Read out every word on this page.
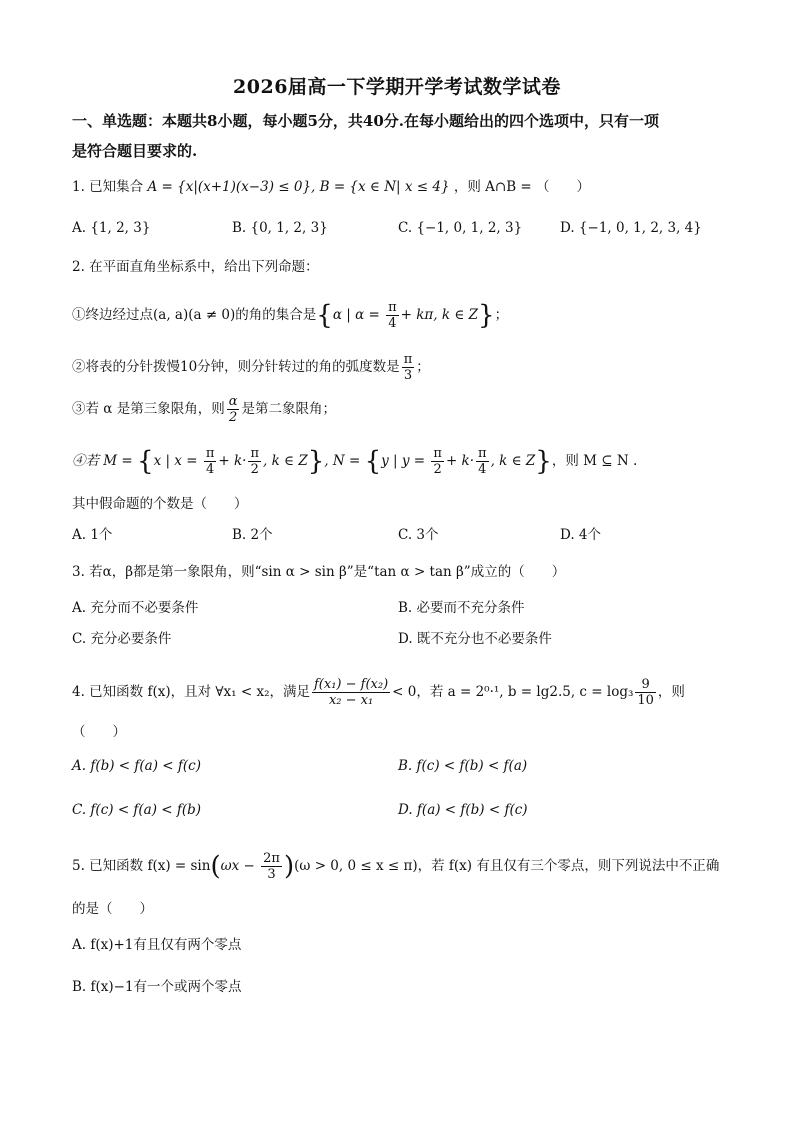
2026届高一下学期开学考试数学试卷
一、单选题：本题共8小题，每小题5分，共40分.在每小题给出的四个选项中，只有一项
是符合题目要求的.
1. 已知集合 A = {x|(x+1)(x−3) ≤ 0}, B = {x ∈ N| x ≤ 4} ，则 A∩B = （　　）
A. {1, 2, 3}	B. {0, 1, 2, 3}	C. {−1, 0, 1, 2, 3}	D. {−1, 0, 1, 2, 3, 4}
2. 在平面直角坐标系中，给出下列命题：
①终边经过点(a, a)(a ≠ 0)的角的集合是{α | $\alpha = \frac{\pi}{4} + k\pi$, k ∈ Z}；
②将表的分针拨慢10分钟，则分针转过的角的弧度数是 $\frac{\pi}{3}$ ；
③若 α 是第三象限角，则 $\frac{\alpha}{2}$ 是第二象限角；
④若 M = {x | $x = \frac{\pi}{4} + k\cdot \frac{\pi}{2}$ , k ∈ Z}, N = {y | $y = \frac{\pi}{2} + k\cdot \frac{\pi}{4}$ , k ∈ Z}，则 M ⊆ N .
其中假命题的个数是（　　）
A. 1个	B. 2个	C. 3个	D. 4个
3. 若α，β都是第一象限角，则“sin α > sin β”是“tan α > tan β”成立的（　　）
A. 充分而不必要条件	B. 必要而不充分条件
C. 充分必要条件	D. 既不充分也不必要条件
4. 已知函数 f(x)，且对 ∀x₁ < x₂，满足 $\frac{\text{f(x₁) − f(x₂)}}{\text{x₂ − x₁}} < 0$，若 a = 2⁰·¹, b = lg2.5, $c = \log_3 \frac{9}{10}$ ，则
（　　）
A. f(b) < f(a) < f(c)	B. f(c) < f(b) < f(a)
C. f(c) < f(a) < f(b)	D. f(a) < f(b) < f(c)
5. 已知函数 $f(x) = \sin(\omega x - \frac{2\pi}{3} )(\omega > 0$, 0 ≤ x ≤ π)，若 f(x) 有且仅有三个零点，则下列说法中不正确
的是（　　）
A. f(x)+1有且仅有两个零点
B. f(x)−1有一个或两个零点
